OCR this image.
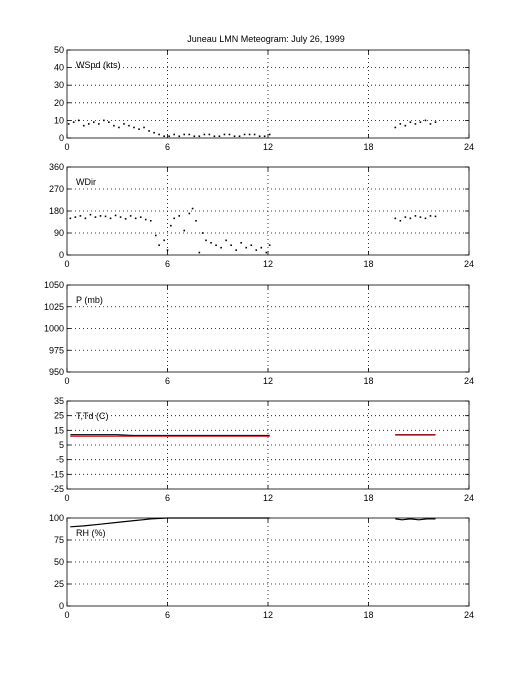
Juneau LMN Meteogram: July 26, 1999
0
10
20
30
40
50
0	6	12	18	24
WSpd (kts)
0
90
180
270
360
0	6	12	18	24
WDir
950
975
1000
1025
1050
0	6	12	18	24
P (mb)
-25
-15
-5
5
15
25
35
0	6	12	18	24
T,Td (C)
0
25
50
75
100
0	6	12	18	24
RH (%)
